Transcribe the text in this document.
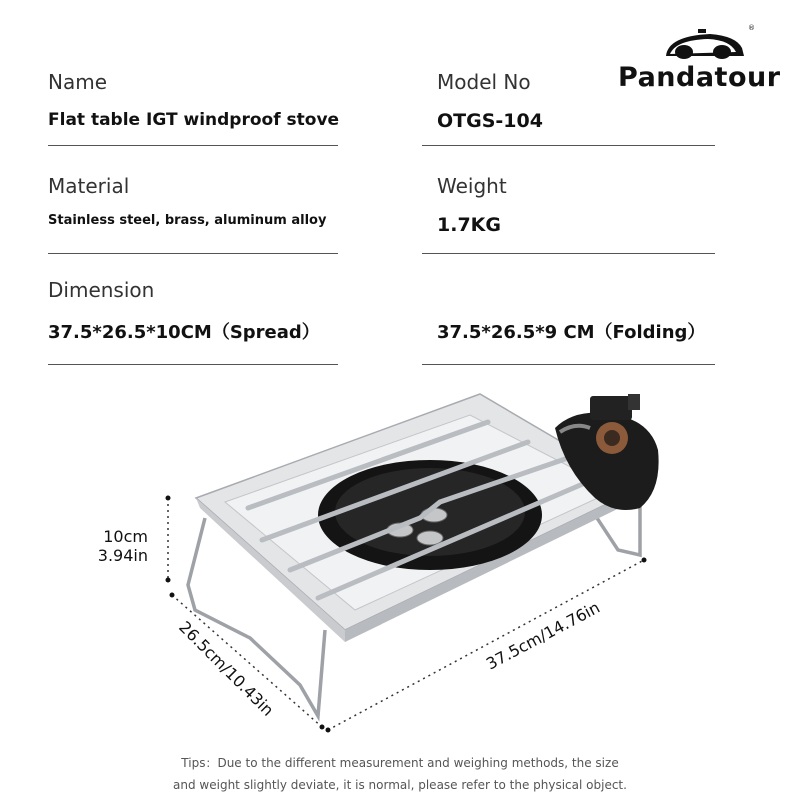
®
Pandatour
Name
Flat table IGT windproof stove
Model No
OTGS-104
Material
Stainless steel, brass, aluminum alloy
Weight
1.7KG
Dimension
37.5*26.5*10CM（Spread）	37.5*26.5*9 CM（Folding）
26.5cm/10.43in	37.5cm/14.76in
10cm
3.94in
Tips：Due to the different measurement and weighing methods, the size
and weight slightly deviate, it is normal, please refer to the physical object.
